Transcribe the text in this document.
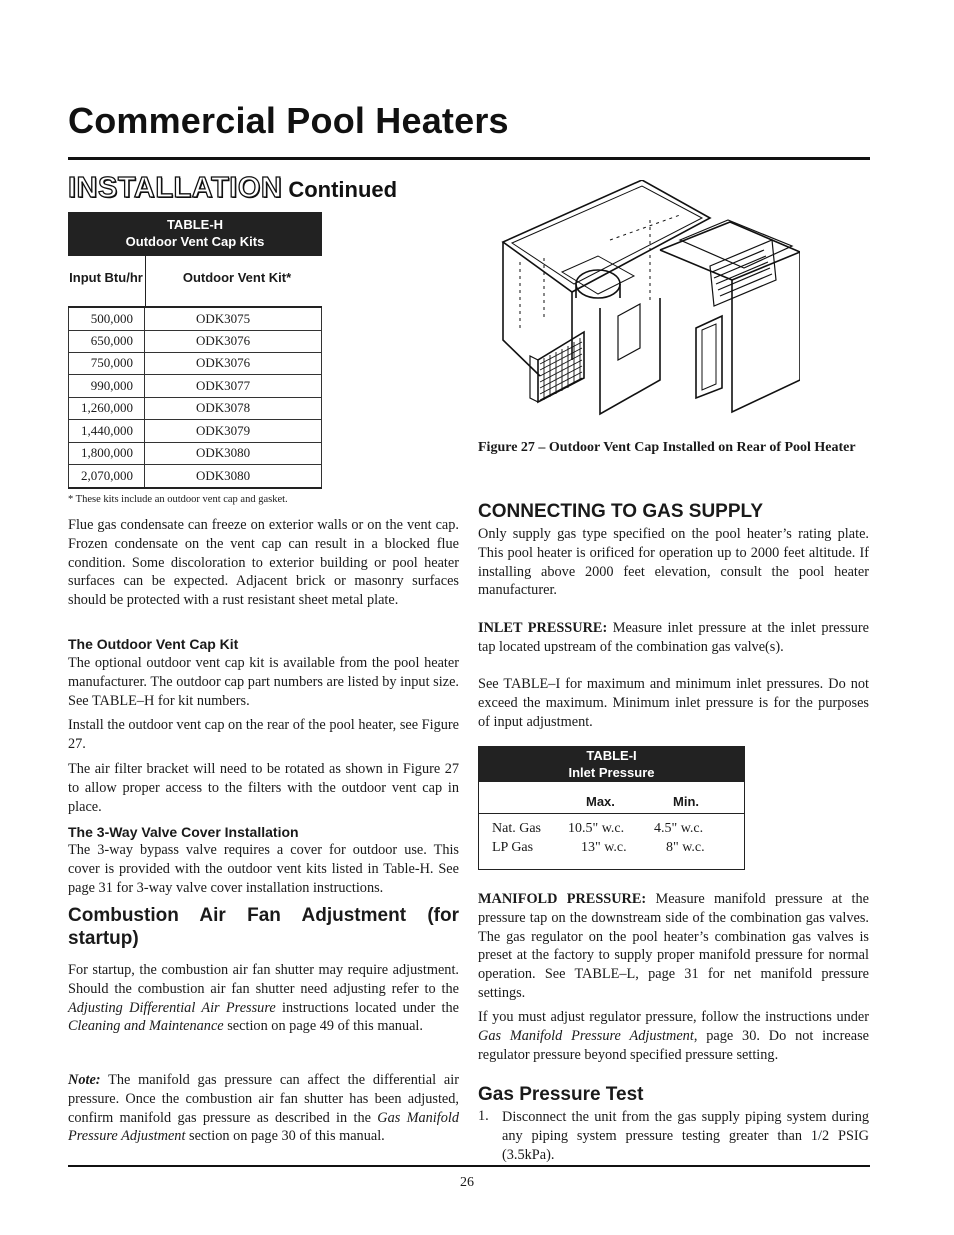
Commercial Pool Heaters
INSTALLATION Continued
TABLE-H
Outdoor Vent Cap Kits
Input Btu/hr	Outdoor Vent Kit*
500,000	ODK3075
650,000	ODK3076
750,000	ODK3076
990,000	ODK3077
1,260,000	ODK3078
1,440,000	ODK3079
1,800,000	ODK3080
2,070,000	ODK3080
* These kits include an outdoor vent cap and gasket.

Flue gas condensate can freeze on exterior walls or on the vent cap. Frozen condensate on the vent cap can result in a blocked flue condition. Some discoloration to exterior building or pool heater surfaces can be expected. Adjacent brick or masonry surfaces should be protected with a rust resistant sheet metal plate.

The Outdoor Vent Cap Kit

The optional outdoor vent cap kit is available from the pool heater manufacturer. The outdoor cap part numbers are listed by input size. See TABLE–H for kit numbers.

Install the outdoor vent cap on the rear of the pool heater, see Figure 27.

The air filter bracket will need to be rotated as shown in Figure 27 to allow proper access to the filters with the outdoor vent cap in place.

The 3-Way Valve Cover Installation

The 3-way bypass valve requires a cover for outdoor use. This cover is provided with the outdoor vent kits listed in Table-H. See page 31 for 3-way valve cover installation instructions.

Combustion Air Fan Adjustment (for startup)

For startup, the combustion air fan shutter may require adjustment. Should the combustion air fan shutter need adjusting refer to the Adjusting Differential Air Pressure instructions located under the Cleaning and Maintenance section on page 49 of this manual.

Note: The manifold gas pressure can affect the differential air pressure. Once the combustion air fan shutter has been adjusted, confirm manifold gas pressure as described in the Gas Manifold Pressure Adjustment section on page 30 of this manual.

Figure 27 – Outdoor Vent Cap Installed on Rear of Pool Heater
CONNECTING TO GAS SUPPLY

Only supply gas type specified on the pool heater’s rating plate. This pool heater is orificed for operation up to 2000 feet altitude. If installing above 2000 feet elevation, consult the pool heater manufacturer.

INLET PRESSURE: Measure inlet pressure at the inlet pressure tap located upstream of the combination gas valve(s).

See TABLE–I for maximum and minimum inlet pressures. Do not exceed the maximum. Minimum inlet pressure is for the purposes of input adjustment.

TABLE-I
Inlet Pressure
Max.	Min.
Nat. Gas 10.5" w.c. 4.5" w.c.
LP Gas	13" w.c.	8" w.c.

MANIFOLD PRESSURE: Measure manifold pressure at the pressure tap on the downstream side of the combination gas valves. The gas regulator on the pool heater’s combination gas valves is preset at the factory to supply proper manifold pressure for normal operation. See TABLE–L, page 31 for net manifold pressure settings.

If you must adjust regulator pressure, follow the instructions under Gas Manifold Pressure Adjustment, page 30. Do not increase regulator pressure beyond specified pressure setting.

Gas Pressure Test
1. Disconnect the unit from the gas supply piping system during any piping system pressure testing greater than 1/2 PSIG (3.5kPa).

26
